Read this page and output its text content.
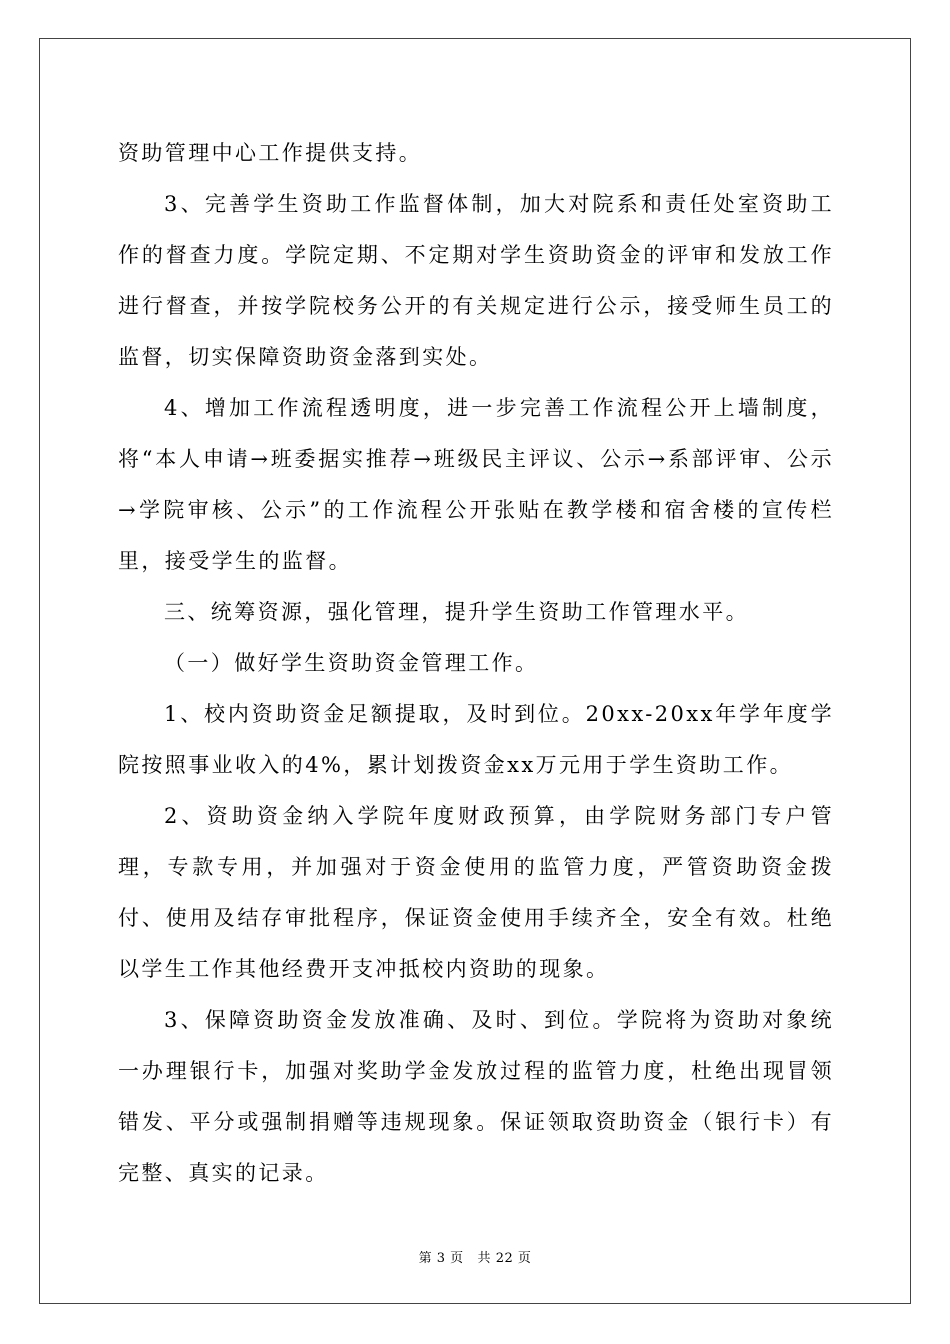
资助管理中心工作提供支持。

3、完善学生资助工作监督体制，加大对院系和责任处室资助工作的督查力度。学院定期、不定期对学生资助资金的评审和发放工作进行督查，并按学院校务公开的有关规定进行公示，接受师生员工的监督，切实保障资助资金落到实处。

4、增加工作流程透明度，进一步完善工作流程公开上墙制度，将“本人申请→班委据实推荐→班级民主评议、公示→系部评审、公示→学院审核、公示”的工作流程公开张贴在教学楼和宿舍楼的宣传栏里，接受学生的监督。

三、统筹资源，强化管理，提升学生资助工作管理水平。

（一）做好学生资助资金管理工作。

1、校内资助资金足额提取，及时到位。20xx-20xx年学年度学院按照事业收入的4%，累计划拨资金xx万元用于学生资助工作。

2、资助资金纳入学院年度财政预算，由学院财务部门专户管理，专款专用，并加强对于资金使用的监管力度，严管资助资金拨付、使用及结存审批程序，保证资金使用手续齐全，安全有效。杜绝以学生工作其他经费开支冲抵校内资助的现象。

3、保障资助资金发放准确、及时、到位。学院将为资助对象统一办理银行卡，加强对奖助学金发放过程的监管力度，杜绝出现冒领错发、平分或强制捐赠等违规现象。保证领取资助资金（银行卡）有完整、真实的记录。

第 3 页   共 22 页
